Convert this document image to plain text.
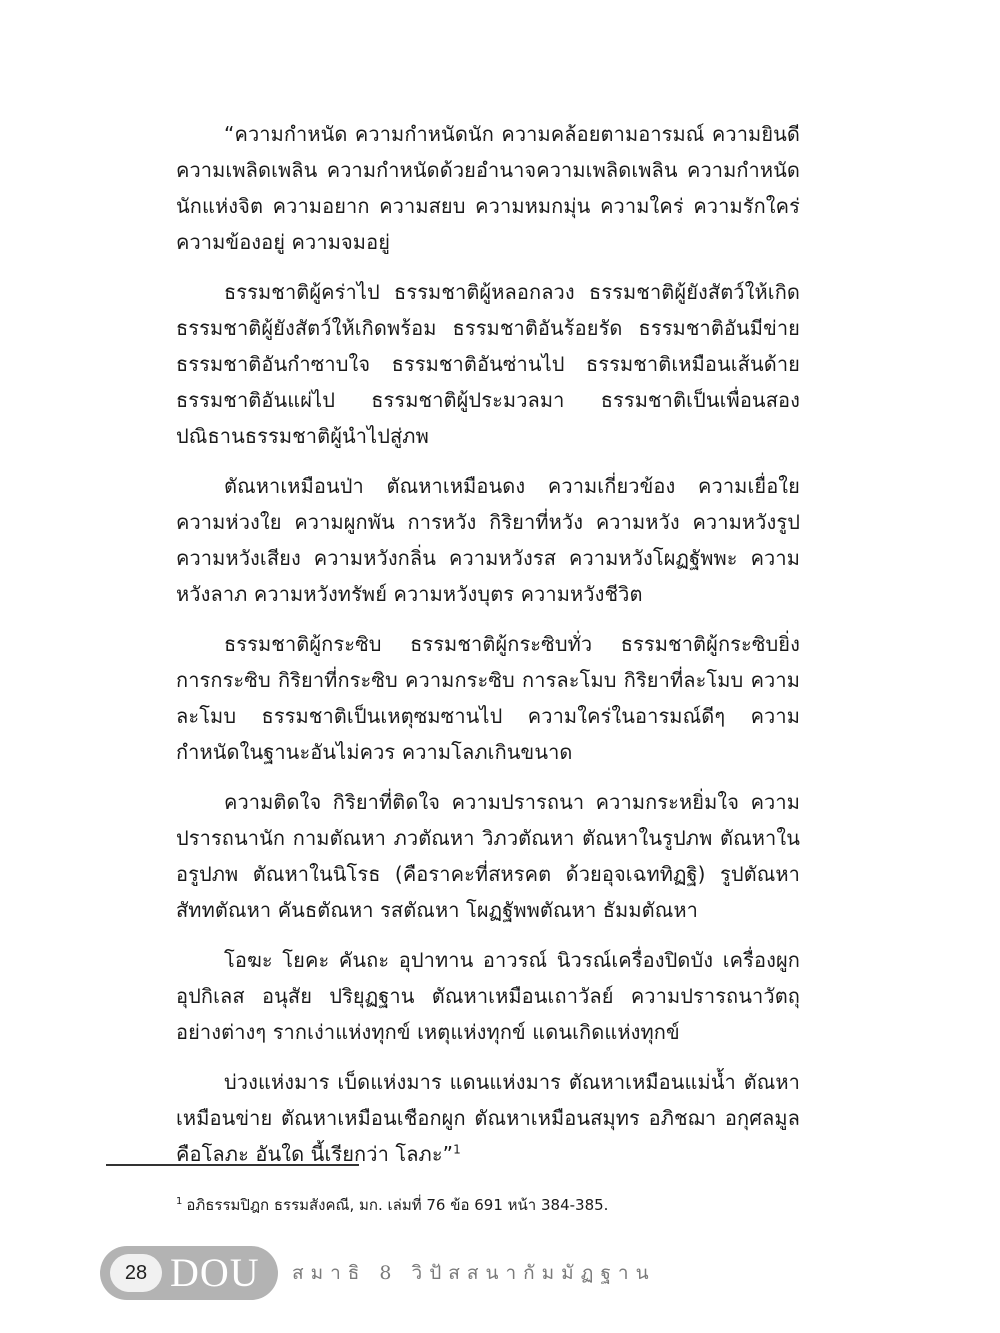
“ความกำหนัด ความกำหนัดนัก ความคล้อยตามอารมณ์ ความยินดี ความเพลิดเพลิน ความกำหนัดด้วยอำนาจความเพลิดเพลิน ความกำหนัดนักแห่งจิต ความอยาก ความสยบ ความหมกมุ่น ความใคร่ ความรักใคร่ ความข้องอยู่ ความจมอยู่

ธรรมชาติผู้คร่าไป ธรรมชาติผู้หลอกลวง ธรรมชาติผู้ยังสัตว์ให้เกิด ธรรมชาติผู้ยังสัตว์ให้เกิดพร้อม ธรรมชาติอันร้อยรัด ธรรมชาติอันมีข่าย ธรรมชาติอันกำซาบใจ ธรรมชาติอันซ่านไป ธรรมชาติเหมือนเส้นด้าย ธรรมชาติอันแผ่ไป ธรรมชาติผู้ประมวลมา ธรรมชาติเป็นเพื่อนสอง ปณิธานธรรมชาติผู้นำไปสู่ภพ

ตัณหาเหมือนป่า ตัณหาเหมือนดง ความเกี่ยวข้อง ความเยื่อใย ความห่วงใย ความผูกพัน การหวัง กิริยาที่หวัง ความหวัง ความหวังรูป ความหวังเสียง ความหวังกลิ่น ความหวังรส ความหวังโผฏฐัพพะ ความหวังลาภ ความหวังทรัพย์ ความหวังบุตร ความหวังชีวิต

ธรรมชาติผู้กระซิบ ธรรมชาติผู้กระซิบทั่ว ธรรมชาติผู้กระซิบยิ่ง การกระซิบ กิริยาที่กระซิบ ความกระซิบ การละโมบ กิริยาที่ละโมบ ความละโมบ ธรรมชาติเป็นเหตุซมซานไป ความใคร่ในอารมณ์ดีๆ ความกำหนัดในฐานะอันไม่ควร ความโลภเกินขนาด

ความติดใจ กิริยาที่ติดใจ ความปรารถนา ความกระหยิ่มใจ ความปรารถนานัก กามตัณหา ภวตัณหา วิภวตัณหา ตัณหาในรูปภพ ตัณหาในอรูปภพ ตัณหาในนิโรธ (คือราคะที่สหรคต ด้วยอุจเฉททิฏฐิ) รูปตัณหา สัททตัณหา คันธตัณหา รสตัณหา โผฏฐัพพตัณหา ธัมมตัณหา

โอฆะ โยคะ คันถะ อุปาทาน อาวรณ์ นิวรณ์เครื่องปิดบัง เครื่องผูก อุปกิเลส อนุสัย ปริยุฏฐาน ตัณหาเหมือนเถาวัลย์ ความปรารถนาวัตถุอย่างต่างๆ รากเง่าแห่งทุกข์ เหตุแห่งทุกข์ แดนเกิดแห่งทุกข์

บ่วงแห่งมาร เบ็ดแห่งมาร แดนแห่งมาร ตัณหาเหมือนแม่น้ำ ตัณหาเหมือนข่าย ตัณหาเหมือนเชือกผูก ตัณหาเหมือนสมุทร อภิชฌา อกุศลมูล คือโลภะ อันใด นี้เรียกว่า โลภะ”$^1$

$^1$ อภิธรรมปิฎก ธรรมสังคณี, มก. เล่มที่ 76 ข้อ 691 หน้า 384-385.
28 DOU สมาธิ 8 วิปัสสนากัมมัฏฐาน
